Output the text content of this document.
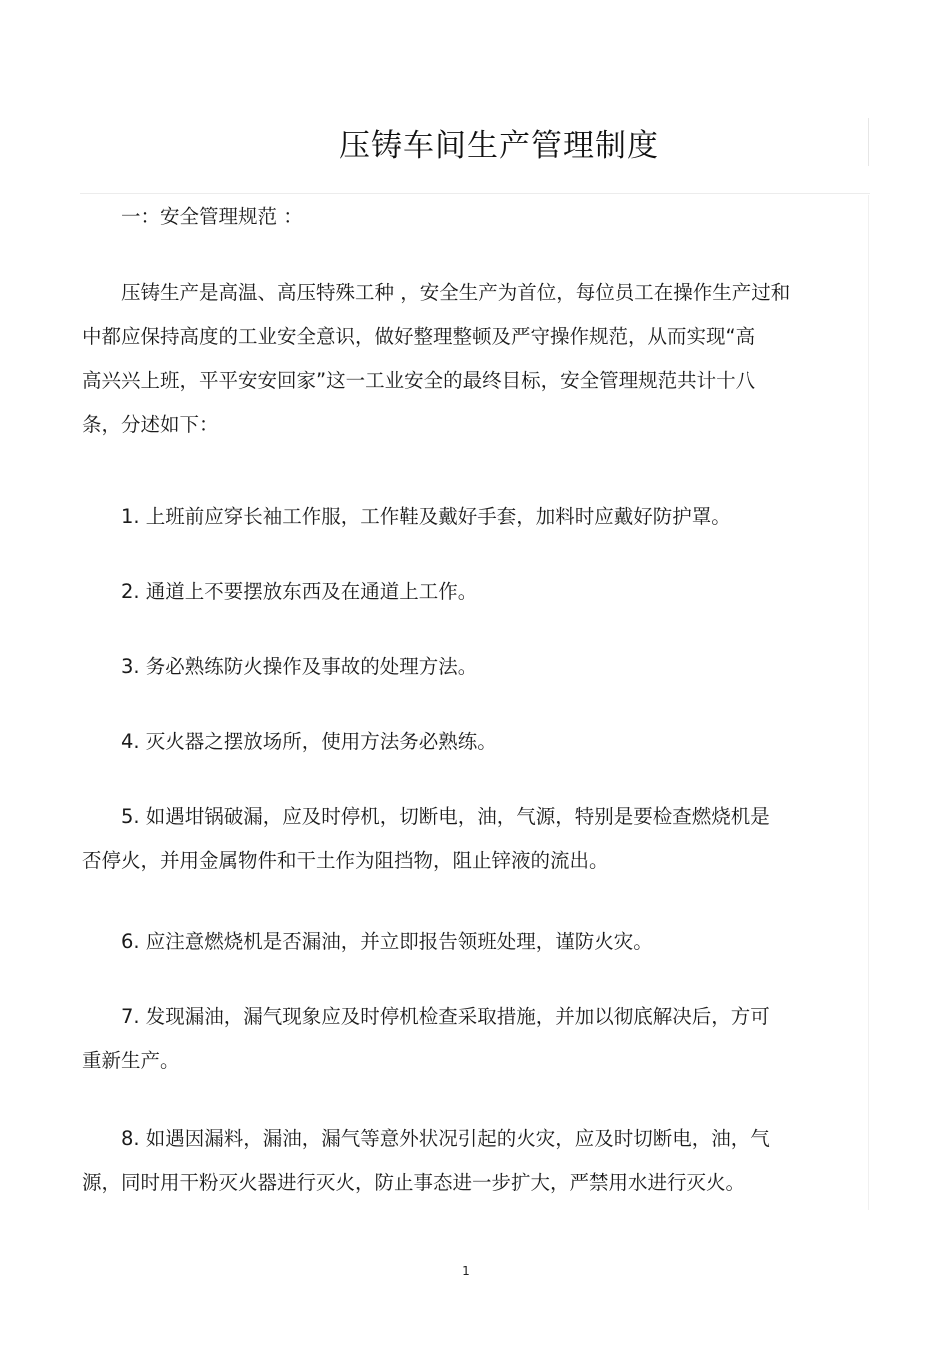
压铸车间生产管理制度
一：安全管理规范 ：
压铸生产是高温、高压特殊工种 ，安全生产为首位，每位员工在操作生产过和
中都应保持高度的工业安全意识，做好整理整顿及严守操作规范，从而实现“高
高兴兴上班，平平安安回家”这一工业安全的最终目标，安全管理规范共计十八
条，分述如下：
1. 上班前应穿长袖工作服，工作鞋及戴好手套，加料时应戴好防护罩。
2. 通道上不要摆放东西及在通道上工作。
3. 务必熟练防火操作及事故的处理方法。
4. 灭火器之摆放场所，使用方法务必熟练。
5. 如遇坩锅破漏，应及时停机，切断电，油，气源，特别是要检查燃烧机是
否停火，并用金属物件和干土作为阻挡物，阻止锌液的流出。
6. 应注意燃烧机是否漏油，并立即报告领班处理，谨防火灾。
7. 发现漏油，漏气现象应及时停机检查采取措施，并加以彻底解决后，方可
重新生产。
8. 如遇因漏料，漏油，漏气等意外状况引起的火灾，应及时切断电，油，气
源，同时用干粉灭火器进行灭火，防止事态进一步扩大，严禁用水进行灭火。
1
